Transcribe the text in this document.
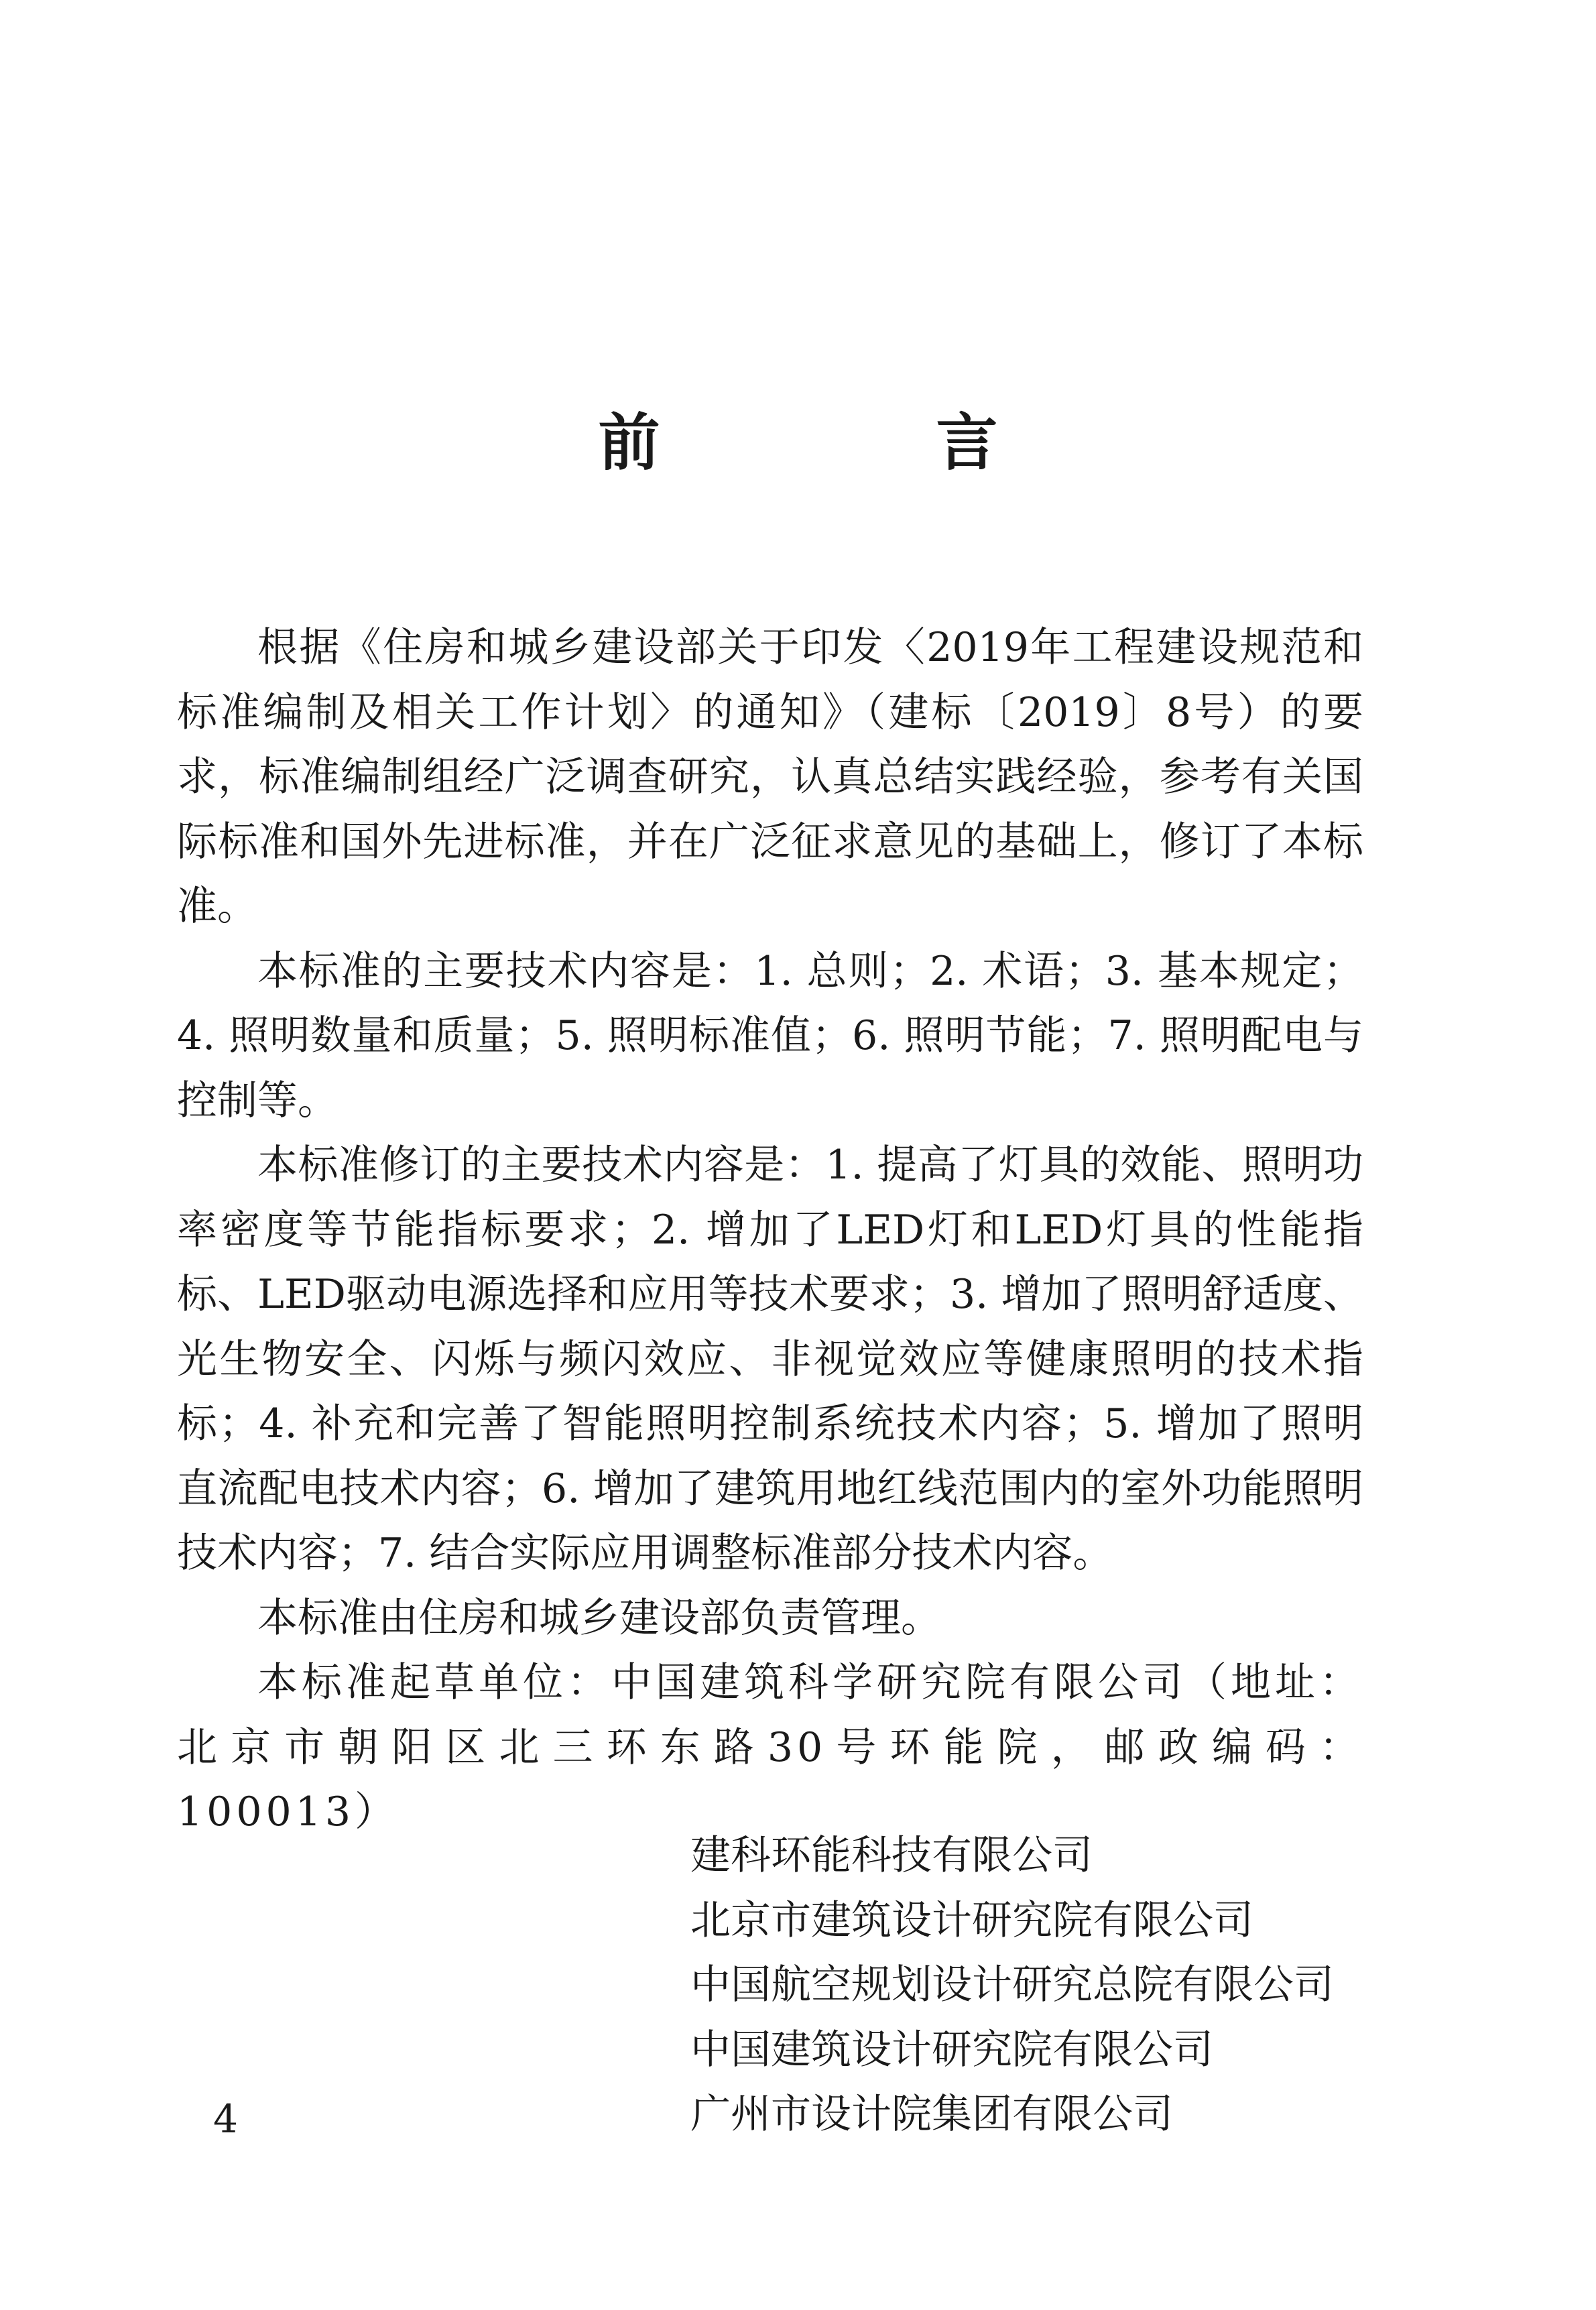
前　言

根据《住房和城乡建设部关于印发〈2019年工程建设规范和标准编制及相关工作计划〉的通知》（建标〔2019〕8号）的要求，标准编制组经广泛调查研究，认真总结实践经验，参考有关国际标准和国外先进标准，并在广泛征求意见的基础上，修订了本标准。

本标准的主要技术内容是：1. 总则；2. 术语；3. 基本规定；4. 照明数量和质量；5. 照明标准值；6. 照明节能；7. 照明配电与控制等。

本标准修订的主要技术内容是：1. 提高了灯具的效能、照明功率密度等节能指标要求；2. 增加了LED灯和LED灯具的性能指标、LED驱动电源选择和应用等技术要求；3. 增加了照明舒适度、光生物安全、闪烁与频闪效应、非视觉效应等健康照明的技术指标；4. 补充和完善了智能照明控制系统技术内容；5. 增加了照明直流配电技术内容；6. 增加了建筑用地红线范围内的室外功能照明技术内容；7. 结合实际应用调整标准部分技术内容。

本标准由住房和城乡建设部负责管理。

本标准起草单位：中国建筑科学研究院有限公司（地址：北京市朝阳区北三环东路30号环能院，邮政编码：100013）

建科环能科技有限公司
北京市建筑设计研究院有限公司
中国航空规划设计研究总院有限公司
中国建筑设计研究院有限公司
广州市设计院集团有限公司
4
